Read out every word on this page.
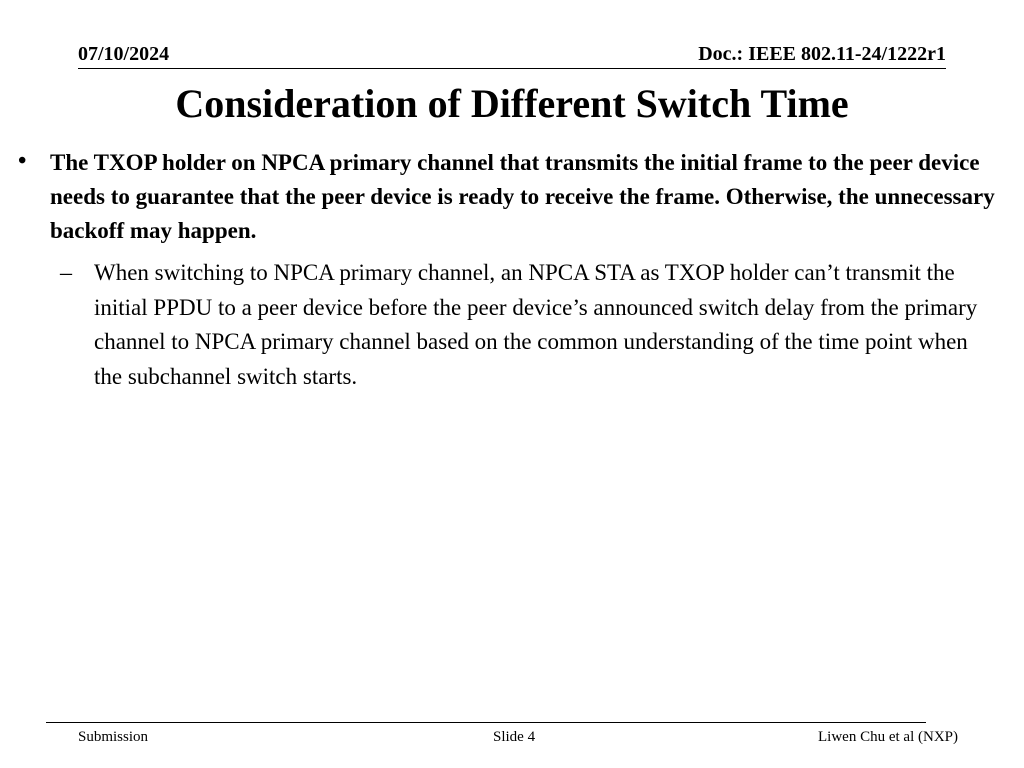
07/10/2024	Doc.: IEEE 802.11-24/1222r1
Consideration of Different Switch Time
• The TXOP holder on NPCA primary channel that transmits the initial frame to the peer device needs to guarantee that the peer device is ready to receive the frame. Otherwise, the unnecessary backoff may happen.
– When switching to NPCA primary channel, an NPCA STA as TXOP holder can’t transmit the initial PPDU to a peer device before the peer device’s announced switch delay from the primary channel to NPCA primary channel based on the common understanding of the time point when the subchannel switch starts.
Submission	Slide 4	Liwen Chu et al (NXP)
